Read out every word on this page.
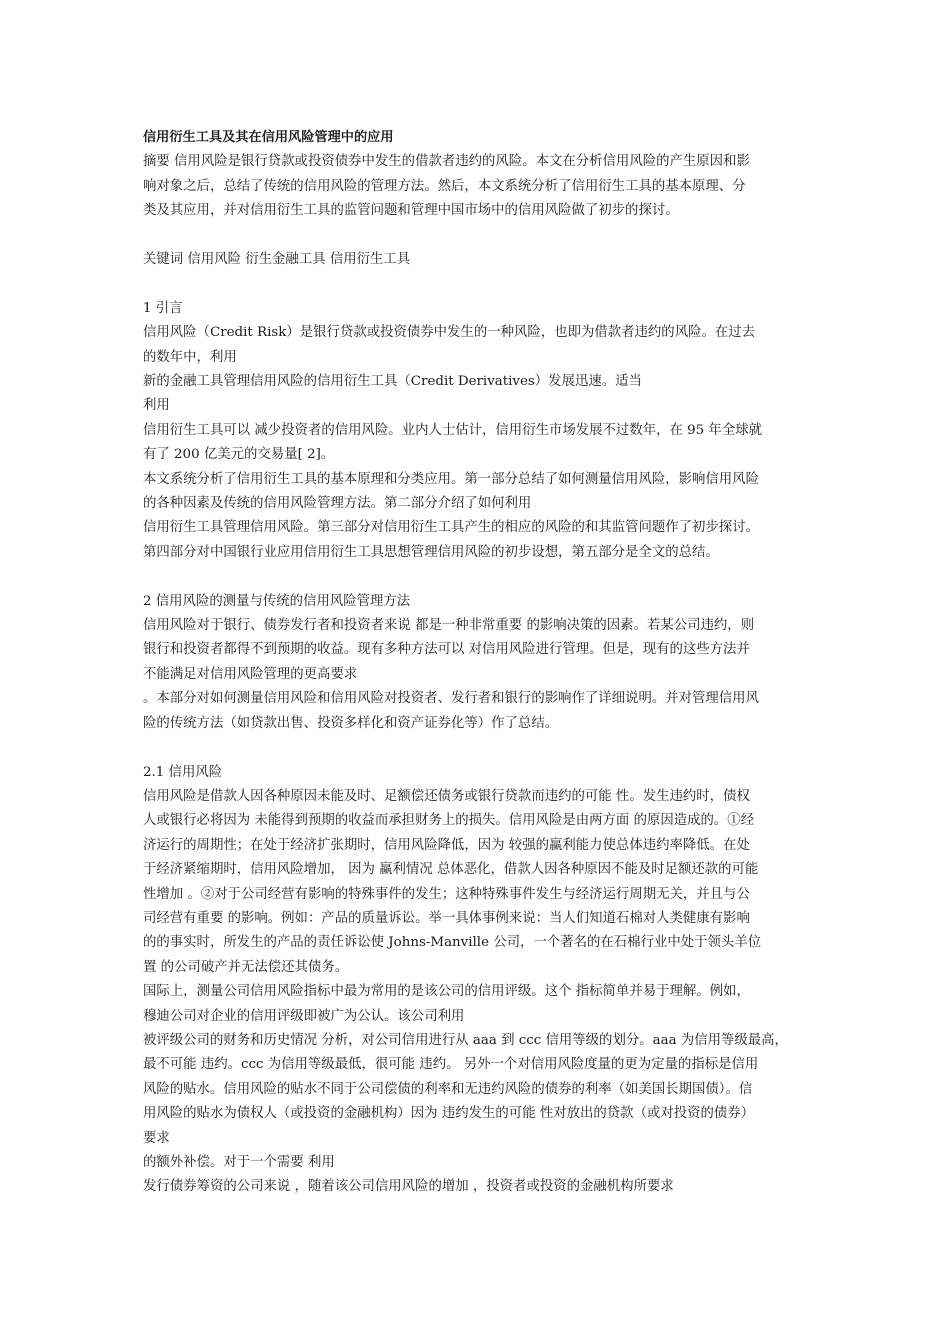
信用衍生工具及其在信用风险管理中的应用

摘要 信用风险是银行贷款或投资债券中发生的借款者违约的风险。本文在分析信用风险的产生原因和影

响对象之后，总结了传统的信用风险的管理方法。然后，本文系统分析了信用衍生工具的基本原理、分

类及其应用，并对信用衍生工具的监管问题和管理中国市场中的信用风险做了初步的探讨。

关键词 信用风险 衍生金融工具 信用衍生工具

1 引言

信用风险（Credit Risk）是银行贷款或投资债券中发生的一种风险，也即为借款者违约的风险。在过去

的数年中，利用

新的金融工具管理信用风险的信用衍生工具（Credit Derivatives）发展迅速。适当

利用

信用衍生工具可以 减少投资者的信用风险。业内人士估计，信用衍生市场发展不过数年，在 95 年全球就

有了 200 亿美元的交易量[ 2]。

本文系统分析了信用衍生工具的基本原理和分类应用。第一部分总结了如何测量信用风险，影响信用风险

的各种因素及传统的信用风险管理方法。第二部分介绍了如何利用

信用衍生工具管理信用风险。第三部分对信用衍生工具产生的相应的风险的和其监管问题作了初步探讨。

第四部分对中国银行业应用信用衍生工具思想管理信用风险的初步设想，第五部分是全文的总结。

2 信用风险的测量与传统的信用风险管理方法

信用风险对于银行、债券发行者和投资者来说 都是一种非常重要 的影响决策的因素。若某公司违约，则

银行和投资者都得不到预期的收益。现有多种方法可以 对信用风险进行管理。但是，现有的这些方法并

不能满足对信用风险管理的更高要求

。本部分对如何测量信用风险和信用风险对投资者、发行者和银行的影响作了详细说明。并对管理信用风

险的传统方法（如贷款出售、投资多样化和资产证券化等）作了总结。

2.1 信用风险

信用风险是借款人因各种原因未能及时、足额偿还债务或银行贷款而违约的可能 性。发生违约时，债权

人或银行必将因为 未能得到预期的收益而承担财务上的损失。信用风险是由两方面 的原因造成的。①经

济运行的周期性；在处于经济扩张期时，信用风险降低，因为 较强的赢利能力使总体违约率降低。在处

于经济紧缩期时，信用风险增加， 因为 赢利情况 总体恶化，借款人因各种原因不能及时足额还款的可能

性增加 。②对于公司经营有影响的特殊事件的发生；这种特殊事件发生与经济运行周期无关，并且与公

司经营有重要 的影响。例如：产品的质量诉讼。举一具体事例来说：当人们知道石棉对人类健康有影响

的的事实时，所发生的产品的责任诉讼使 Johns-Manville 公司，一个著名的在石棉行业中处于领头羊位

置 的公司破产并无法偿还其债务。

国际上，测量公司信用风险指标中最为常用的是该公司的信用评级。这个 指标简单并易于理解。例如，

穆迪公司对企业的信用评级即被广为公认。该公司利用

被评级公司的财务和历史情况 分析，对公司信用进行从 aaa 到 ccc 信用等级的划分。aaa 为信用等级最高，

最不可能 违约。ccc 为信用等级最低，很可能 违约。 另外一个对信用风险度量的更为定量的指标是信用

风险的贴水。信用风险的贴水不同于公司偿债的利率和无违约风险的债券的利率（如美国长期国债）。信

用风险的贴水为债权人（或投资的金融机构）因为 违约发生的可能 性对放出的贷款（或对投资的债券）

要求

的额外补偿。对于一个需要 利用

发行债券筹资的公司来说 ，随着该公司信用风险的增加 ，投资者或投资的金融机构所要求
